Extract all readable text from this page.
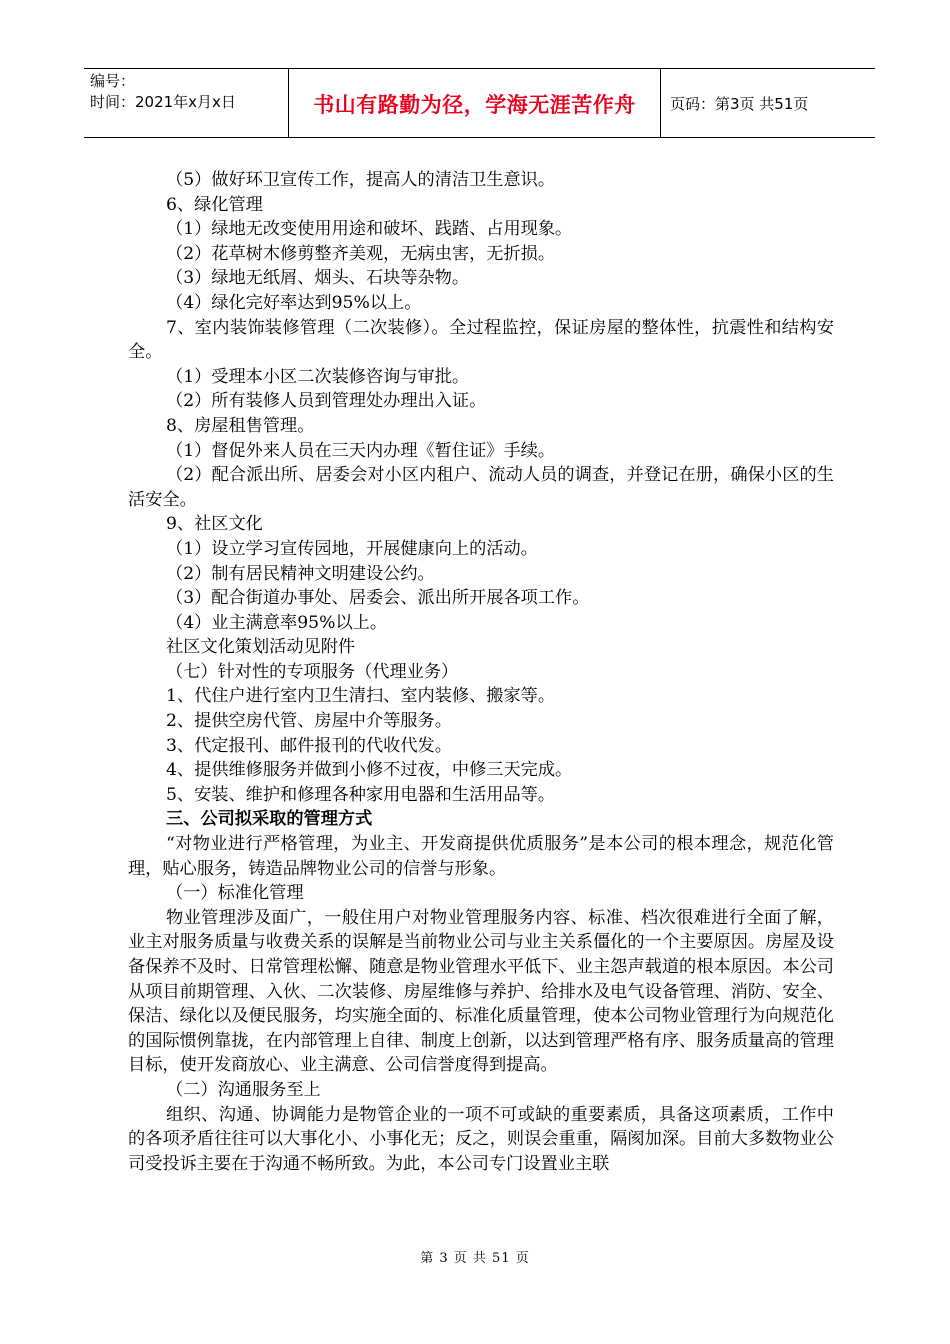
编号：
时间：2021年x月x日	书山有路勤为径，学海无涯苦作舟	页码：第3页 共51页

（5）做好环卫宣传工作，提高人的清洁卫生意识。

6、绿化管理

（1）绿地无改变使用用途和破坏、践踏、占用现象。

（2）花草树木修剪整齐美观，无病虫害，无折损。

（3）绿地无纸屑、烟头、石块等杂物。

（4）绿化完好率达到95%以上。

7、室内装饰装修管理（二次装修）。全过程监控，保证房屋的整体性，抗震性和结构安全。

（1）受理本小区二次装修咨询与审批。

（2）所有装修人员到管理处办理出入证。

8、房屋租售管理。

（1）督促外来人员在三天内办理《暂住证》手续。

（2）配合派出所、居委会对小区内租户、流动人员的调查，并登记在册，确保小区的生活安全。

9、社区文化

（1）设立学习宣传园地，开展健康向上的活动。

（2）制有居民精神文明建设公约。

（3）配合街道办事处、居委会、派出所开展各项工作。

（4）业主满意率95%以上。

社区文化策划活动见附件

（七）针对性的专项服务（代理业务）

1、代住户进行室内卫生清扫、室内装修、搬家等。

2、提供空房代管、房屋中介等服务。

3、代定报刊、邮件报刊的代收代发。

4、提供维修服务并做到小修不过夜，中修三天完成。

5、安装、维护和修理各种家用电器和生活用品等。

三、公司拟采取的管理方式

“对物业进行严格管理，为业主、开发商提供优质服务”是本公司的根本理念，规范化管理，贴心服务，铸造品牌物业公司的信誉与形象。

（一）标准化管理

物业管理涉及面广，一般住用户对物业管理服务内容、标准、档次很难进行全面了解，业主对服务质量与收费关系的误解是当前物业公司与业主关系僵化的一个主要原因。房屋及设备保养不及时、日常管理松懈、随意是物业管理水平低下、业主怨声载道的根本原因。本公司从项目前期管理、入伙、二次装修、房屋维修与养护、给排水及电气设备管理、消防、安全、保洁、绿化以及便民服务，均实施全面的、标准化质量管理，使本公司物业管理行为向规范化的国际惯例靠拢，在内部管理上自律、制度上创新，以达到管理严格有序、服务质量高的管理目标，使开发商放心、业主满意、公司信誉度得到提高。

（二）沟通服务至上

组织、沟通、协调能力是物管企业的一项不可或缺的重要素质，具备这项素质，工作中的各项矛盾往往可以大事化小、小事化无；反之，则误会重重，隔阂加深。目前大多数物业公司受投诉主要在于沟通不畅所致。为此，本公司专门设置业主联

第 3 页 共 51 页
